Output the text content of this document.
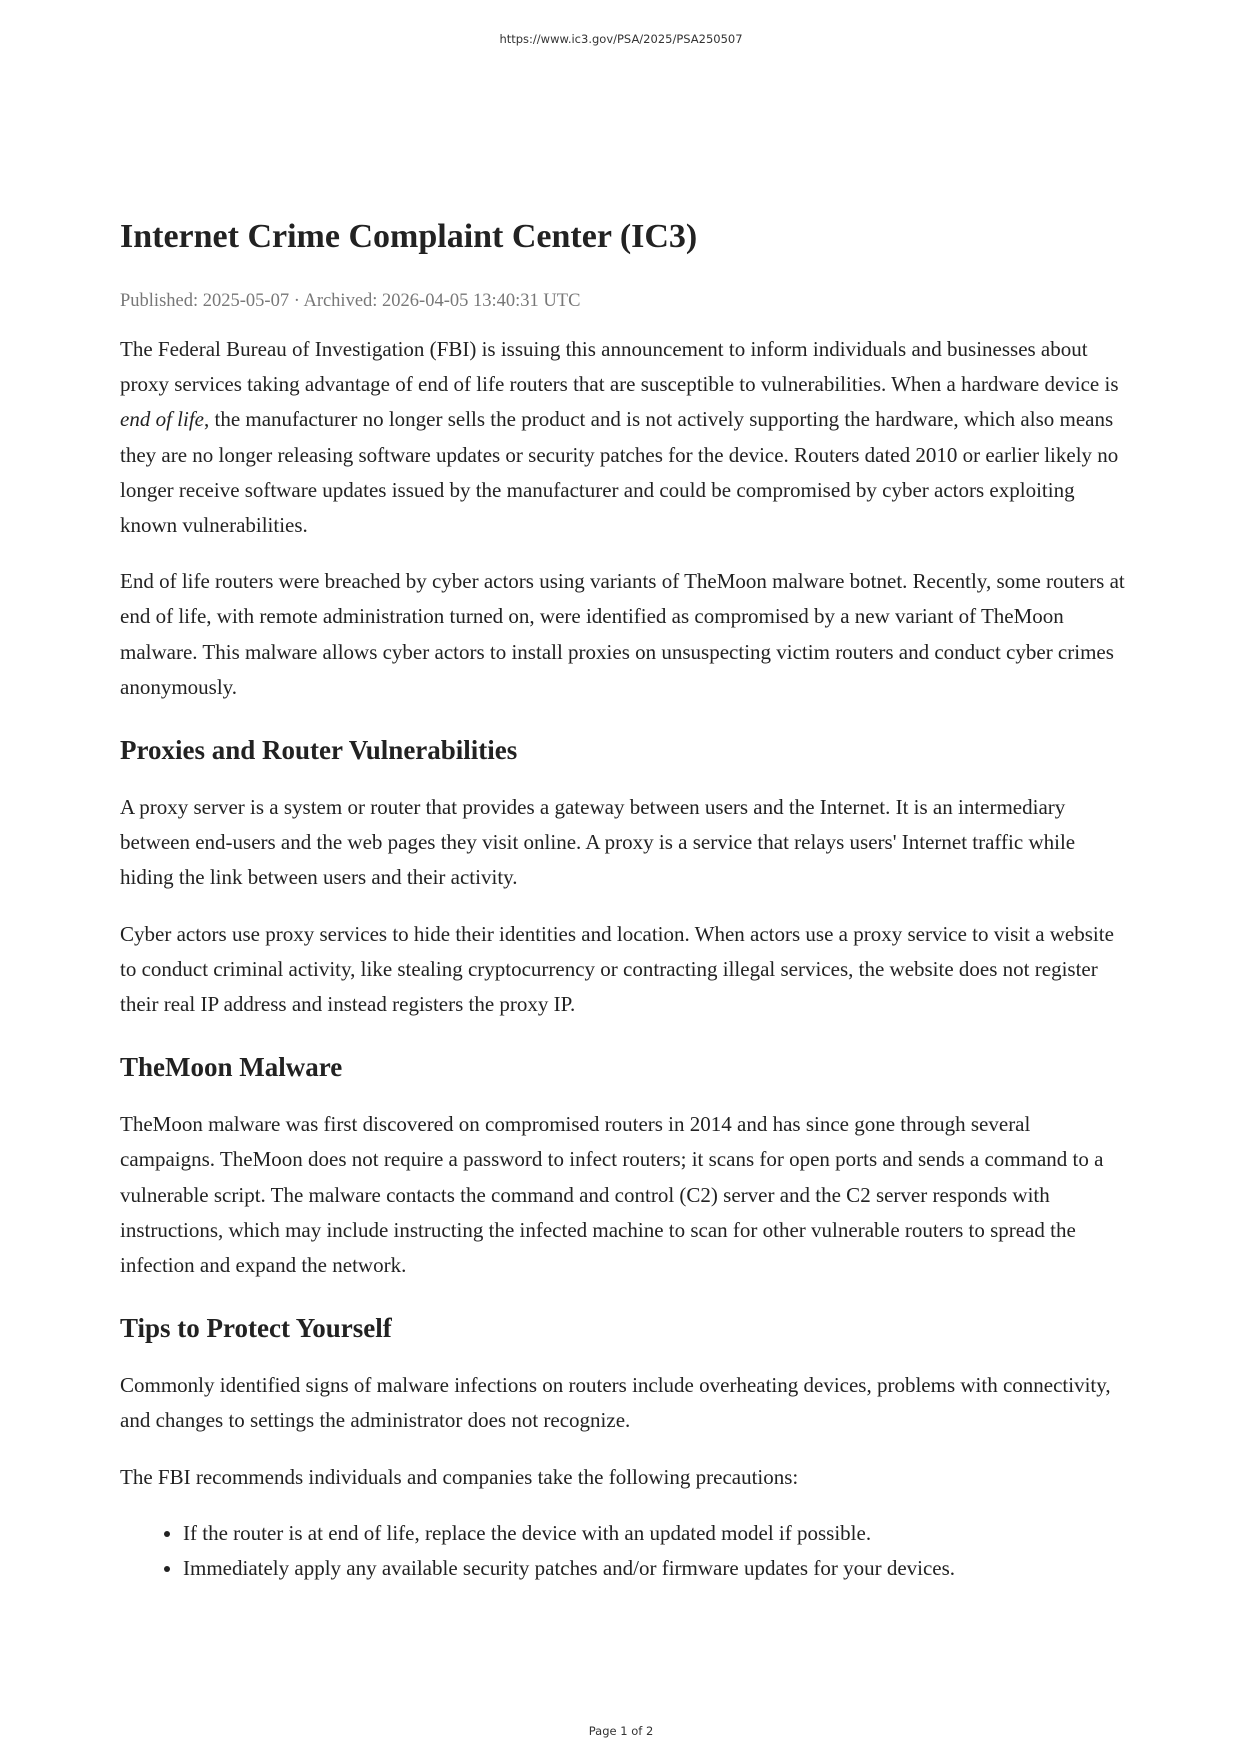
https://www.ic3.gov/PSA/2025/PSA250507
Internet Crime Complaint Center (IC3)
Published: 2025-05-07 · Archived: 2026-04-05 13:40:31 UTC

The Federal Bureau of Investigation (FBI) is issuing this announcement to inform individuals and businesses about proxy services taking advantage of end of life routers that are susceptible to vulnerabilities. When a hardware device is end of life, the manufacturer no longer sells the product and is not actively supporting the hardware, which also means they are no longer releasing software updates or security patches for the device. Routers dated 2010 or earlier likely no longer receive software updates issued by the manufacturer and could be compromised by cyber actors exploiting known vulnerabilities.

End of life routers were breached by cyber actors using variants of TheMoon malware botnet. Recently, some routers at end of life, with remote administration turned on, were identified as compromised by a new variant of TheMoon malware. This malware allows cyber actors to install proxies on unsuspecting victim routers and conduct cyber crimes anonymously.

Proxies and Router Vulnerabilities

A proxy server is a system or router that provides a gateway between users and the Internet. It is an intermediary between end-users and the web pages they visit online. A proxy is a service that relays users' Internet traffic while hiding the link between users and their activity.

Cyber actors use proxy services to hide their identities and location. When actors use a proxy service to visit a website to conduct criminal activity, like stealing cryptocurrency or contracting illegal services, the website does not register their real IP address and instead registers the proxy IP.

TheMoon Malware

TheMoon malware was first discovered on compromised routers in 2014 and has since gone through several campaigns. TheMoon does not require a password to infect routers; it scans for open ports and sends a command to a vulnerable script. The malware contacts the command and control (C2) server and the C2 server responds with instructions, which may include instructing the infected machine to scan for other vulnerable routers to spread the infection and expand the network.

Tips to Protect Yourself

Commonly identified signs of malware infections on routers include overheating devices, problems with connectivity, and changes to settings the administrator does not recognize.

The FBI recommends individuals and companies take the following precautions:

• If the router is at end of life, replace the device with an updated model if possible.
• Immediately apply any available security patches and/or firmware updates for your devices.
Page 1 of 2
